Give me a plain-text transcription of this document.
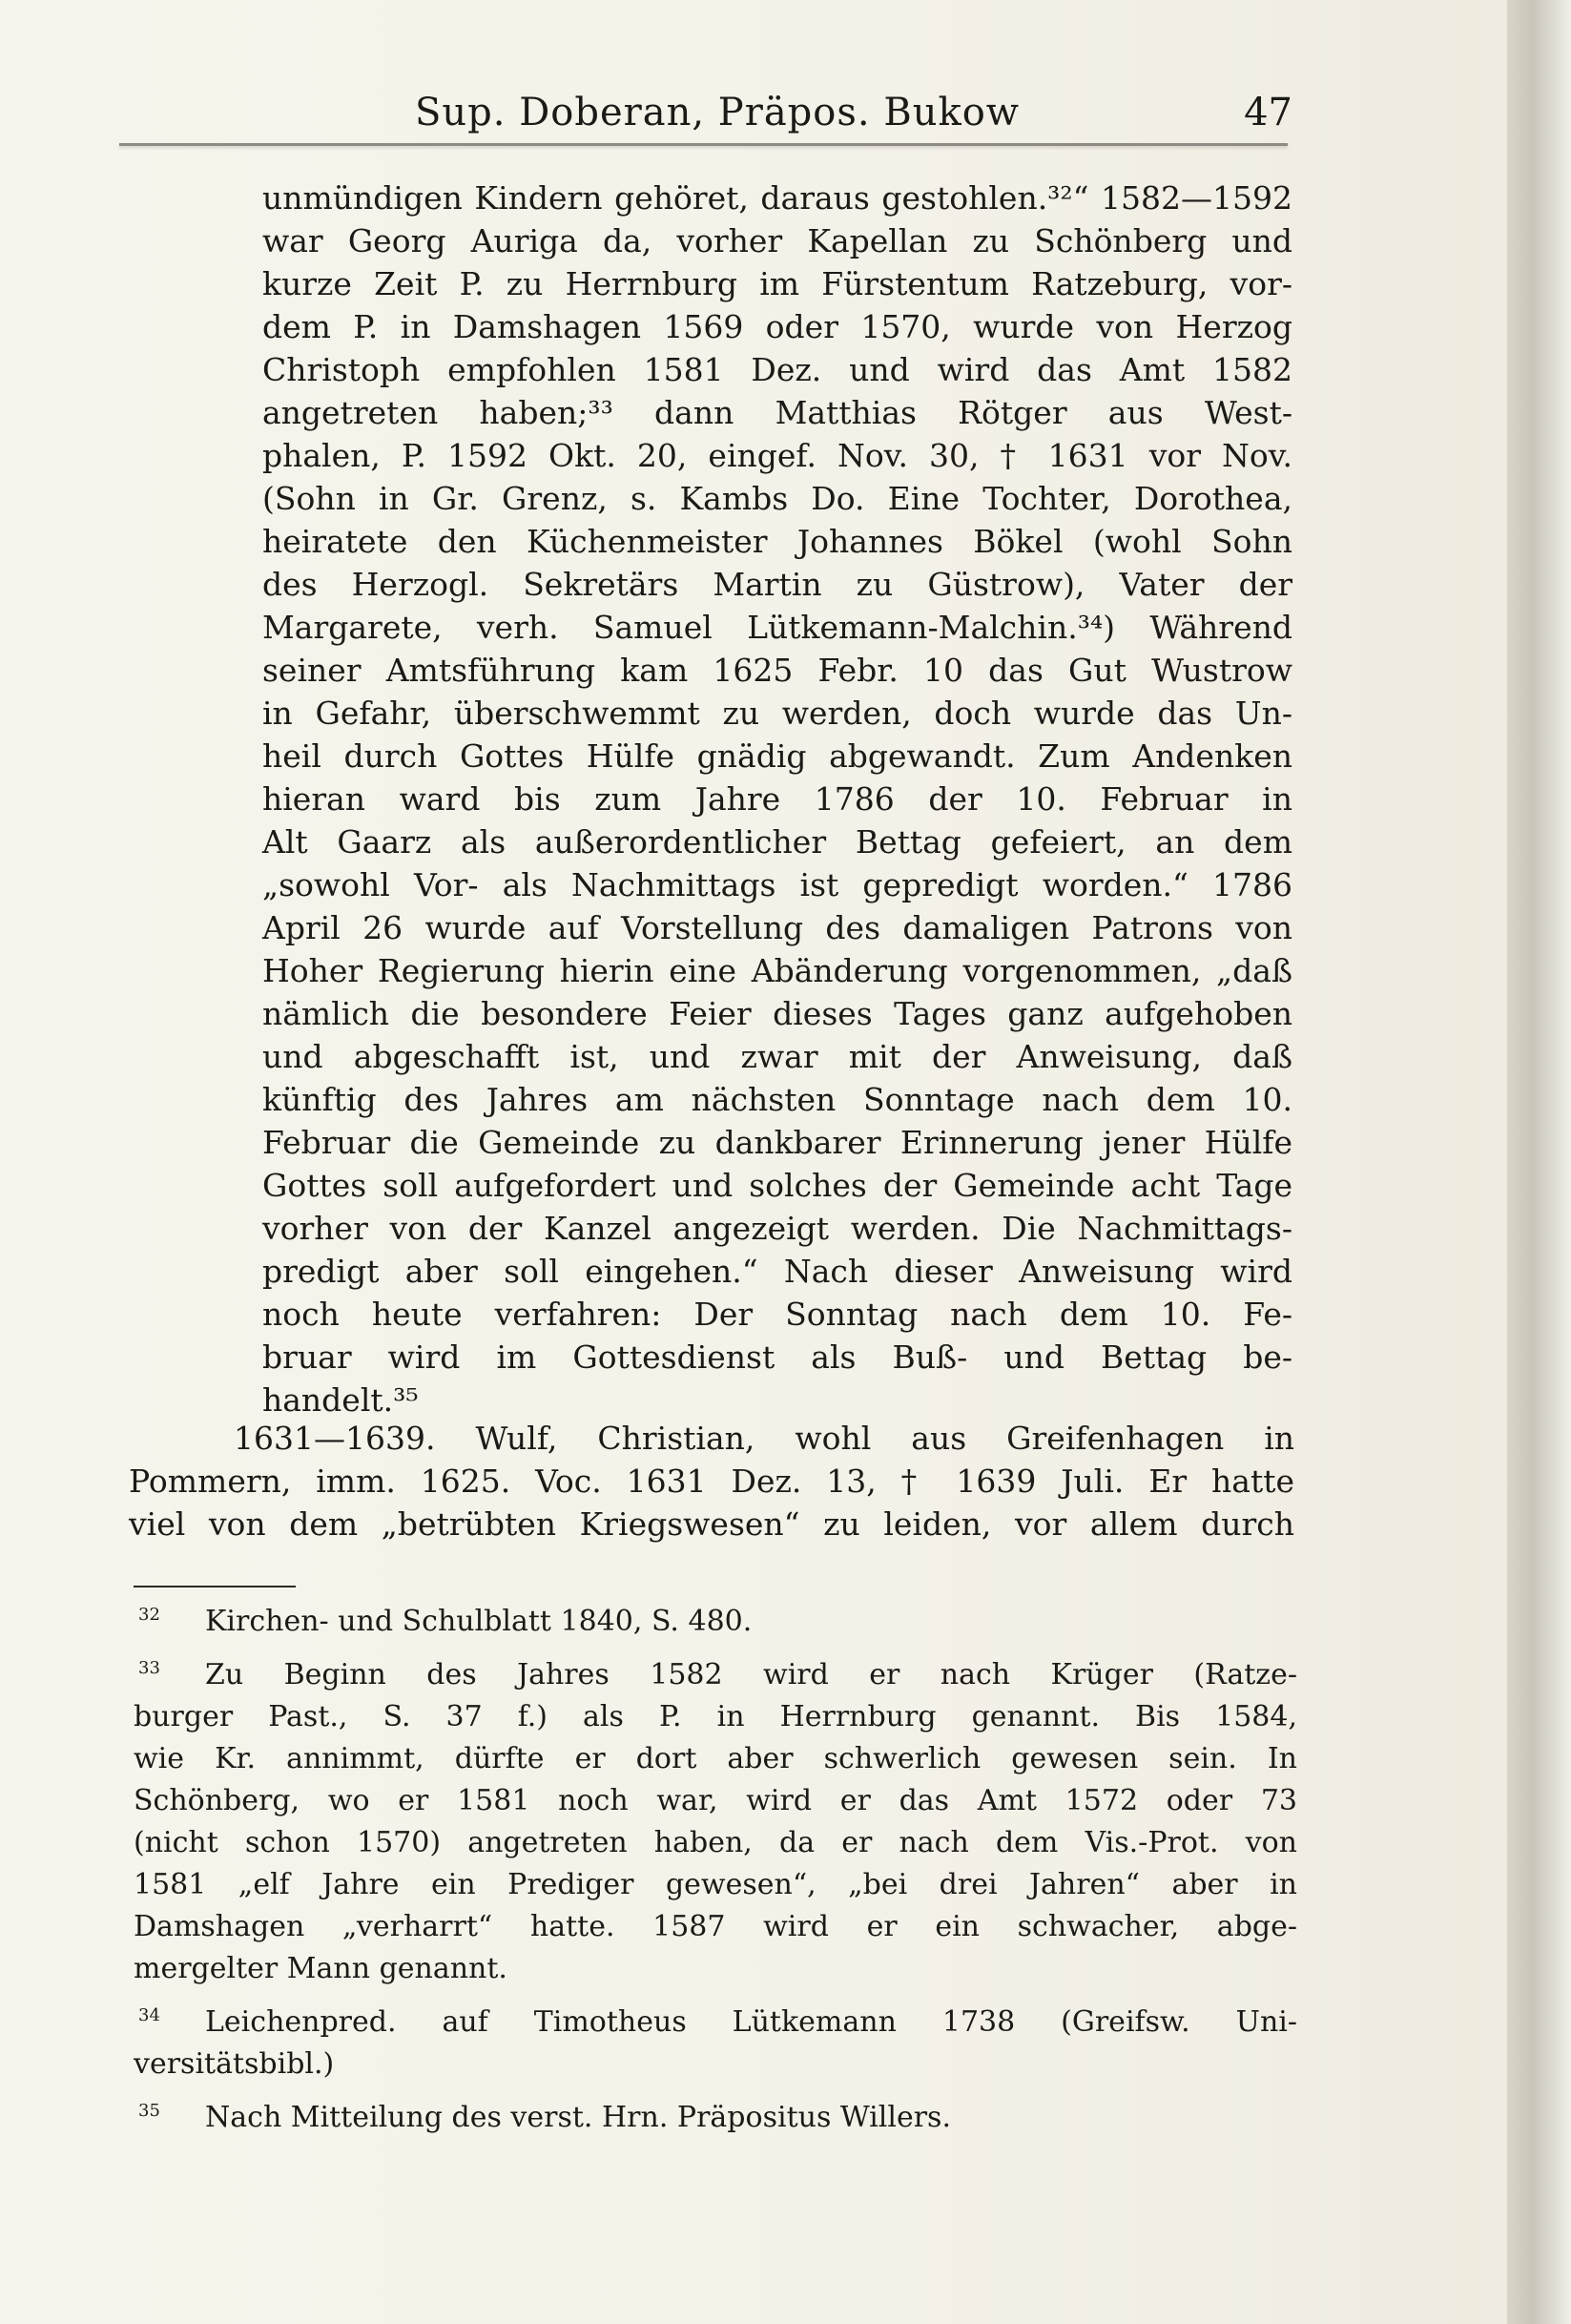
Sup. Doberan, Präpos. Bukow	47
unmündigen Kindern gehöret, daraus gestohlen.³²“ 1582—1592
war Georg Auriga da, vorher Kapellan zu Schönberg und
kurze Zeit P. zu Herrnburg im Fürstentum Ratzeburg, vor-
dem P. in Damshagen 1569 oder 1570, wurde von Herzog
Christoph empfohlen 1581 Dez. und wird das Amt 1582
angetreten haben;³³ dann Matthias Rötger aus West-
phalen, P. 1592 Okt. 20, eingef. Nov. 30, † 1631 vor Nov.
(Sohn in Gr. Grenz, s. Kambs Do. Eine Tochter, Dorothea,
heiratete den Küchenmeister Johannes Bökel (wohl Sohn
des Herzogl. Sekretärs Martin zu Güstrow), Vater der
Margarete, verh. Samuel Lütkemann-Malchin.³⁴) Während
seiner Amtsführung kam 1625 Febr. 10 das Gut Wustrow
in Gefahr, überschwemmt zu werden, doch wurde das Un-
heil durch Gottes Hülfe gnädig abgewandt. Zum Andenken
hieran ward bis zum Jahre 1786 der 10. Februar in
Alt Gaarz als außerordentlicher Bettag gefeiert, an dem
„sowohl Vor- als Nachmittags ist gepredigt worden.“ 1786
April 26 wurde auf Vorstellung des damaligen Patrons von
Hoher Regierung hierin eine Abänderung vorgenommen, „daß
nämlich die besondere Feier dieses Tages ganz aufgehoben
und abgeschafft ist, und zwar mit der Anweisung, daß
künftig des Jahres am nächsten Sonntage nach dem 10.
Februar die Gemeinde zu dankbarer Erinnerung jener Hülfe
Gottes soll aufgefordert und solches der Gemeinde acht Tage
vorher von der Kanzel angezeigt werden. Die Nachmittags-
predigt aber soll eingehen.“ Nach dieser Anweisung wird
noch heute verfahren: Der Sonntag nach dem 10. Fe-
bruar wird im Gottesdienst als Buß- und Bettag be-
handelt.³⁵
1631—1639. Wulf, Christian, wohl aus Greifenhagen in
Pommern, imm. 1625. Voc. 1631 Dez. 13, † 1639 Juli. Er hatte
viel von dem „betrübten Kriegswesen“ zu leiden, vor allem durch
32 Kirchen- und Schulblatt 1840, S. 480.
33 Zu Beginn des Jahres 1582 wird er nach Krüger (Ratze-
burger Past., S. 37 f.) als P. in Herrnburg genannt. Bis 1584,
wie Kr. annimmt, dürfte er dort aber schwerlich gewesen sein. In
Schönberg, wo er 1581 noch war, wird er das Amt 1572 oder 73
(nicht schon 1570) angetreten haben, da er nach dem Vis.-Prot. von
1581 „elf Jahre ein Prediger gewesen“, „bei drei Jahren“ aber in
Damshagen „verharrt“ hatte. 1587 wird er ein schwacher, abge-
mergelter Mann genannt.
34 Leichenpred. auf Timotheus Lütkemann 1738 (Greifsw. Uni-
versitätsbibl.)
35 Nach Mitteilung des verst. Hrn. Präpositus Willers.
